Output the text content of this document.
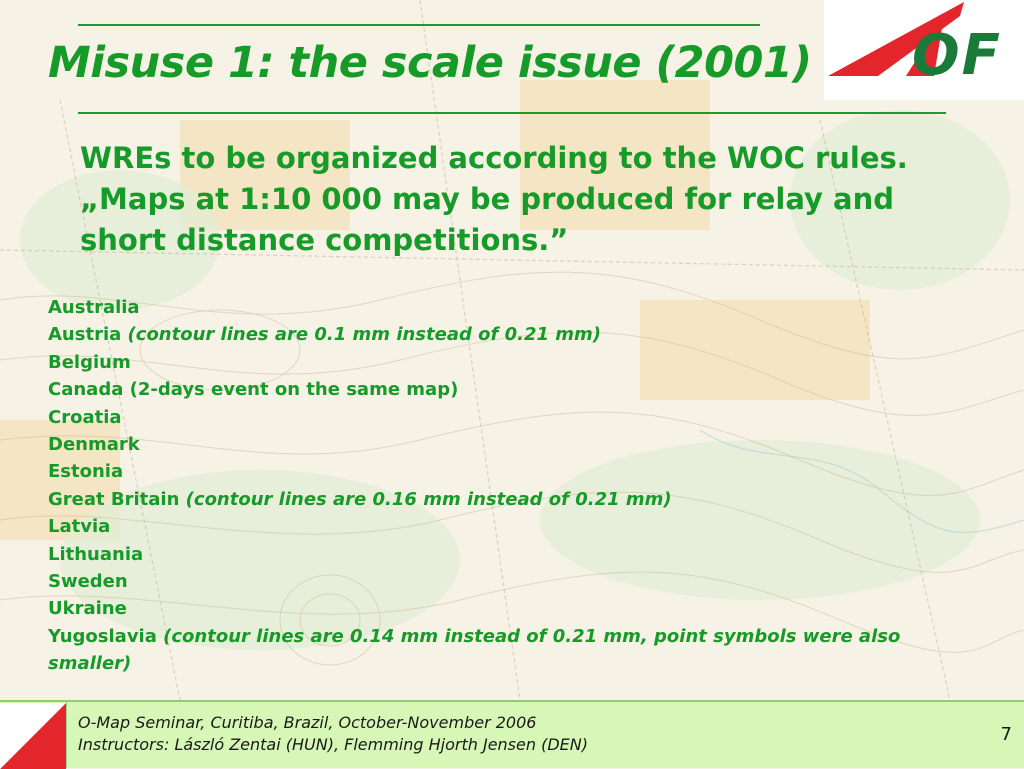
Misuse 1: the scale issue (2001) OF
WREs to be organized according to the WOC rules.
„Maps at 1:10 000 may be produced for relay and
short distance competitions.”
Australia
Austria (contour lines are 0.1 mm instead of 0.21 mm)
Belgium
Canada (2-days event on the same map)
Croatia
Denmark
Estonia
Great Britain (contour lines are 0.16 mm instead of 0.21 mm)
Latvia
Lithuania
Sweden
Ukraine
Yugoslavia (contour lines are 0.14 mm instead of 0.21 mm, point symbols were also smaller)
O-Map Seminar, Curitiba, Brazil, October-November 2006
Instructors: László Zentai (HUN), Flemming Hjorth Jensen (DEN)	7
